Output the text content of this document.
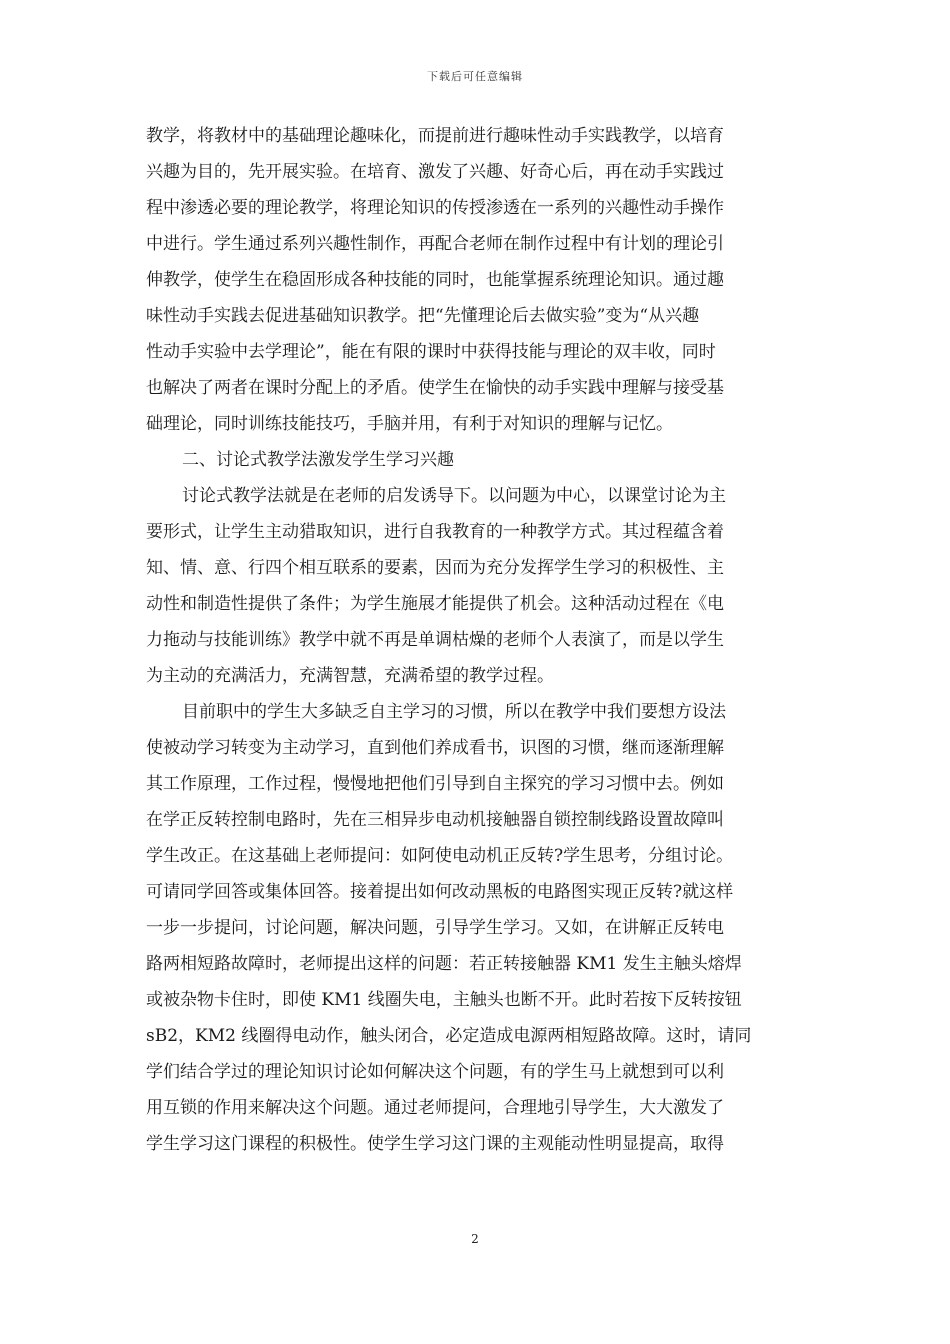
下载后可任意编辑
教学，将教材中的基础理论趣味化，而提前进行趣味性动手实践教学，以培育
兴趣为目的，先开展实验。在培育、激发了兴趣、好奇心后，再在动手实践过
程中渗透必要的理论教学，将理论知识的传授渗透在一系列的兴趣性动手操作
中进行。学生通过系列兴趣性制作，再配合老师在制作过程中有计划的理论引
伸教学，使学生在稳固形成各种技能的同时，也能掌握系统理论知识。通过趣
味性动手实践去促进基础知识教学。把“先懂理论后去做实验”变为“从兴趣
性动手实验中去学理论”，能在有限的课时中获得技能与理论的双丰收，同时
也解决了两者在课时分配上的矛盾。使学生在愉快的动手实践中理解与接受基
础理论，同时训练技能技巧，手脑并用，有利于对知识的理解与记忆。
二、讨论式教学法激发学生学习兴趣
讨论式教学法就是在老师的启发诱导下。以问题为中心，以课堂讨论为主
要形式，让学生主动猎取知识，进行自我教育的一种教学方式。其过程蕴含着
知、情、意、行四个相互联系的要素，因而为充分发挥学生学习的积极性、主
动性和制造性提供了条件；为学生施展才能提供了机会。这种活动过程在《电
力拖动与技能训练》教学中就不再是单调枯燥的老师个人表演了，而是以学生
为主动的充满活力，充满智慧，充满希望的教学过程。
目前职中的学生大多缺乏自主学习的习惯，所以在教学中我们要想方设法
使被动学习转变为主动学习，直到他们养成看书，识图的习惯，继而逐渐理解
其工作原理，工作过程，慢慢地把他们引导到自主探究的学习习惯中去。例如
在学正反转控制电路时，先在三相异步电动机接触器自锁控制线路设置故障叫
学生改正。在这基础上老师提问：如阿使电动机正反转?学生思考，分组讨论。
可请同学回答或集体回答。接着提出如何改动黑板的电路图实现正反转?就这样
一步一步提问，讨论问题，解决问题，引导学生学习。又如，在讲解正反转电
路两相短路故障时，老师提出这样的问题：若正转接触器 KM1 发生主触头熔焊
或被杂物卡住时，即使 KM1 线圈失电，主触头也断不开。此时若按下反转按钮
sB2，KM2 线圈得电动作，触头闭合，必定造成电源两相短路故障。这时，请同
学们结合学过的理论知识讨论如何解决这个问题，有的学生马上就想到可以利
用互锁的作用来解决这个问题。通过老师提问，合理地引导学生，大大激发了
学生学习这门课程的积极性。使学生学习这门课的主观能动性明显提高，取得
2
